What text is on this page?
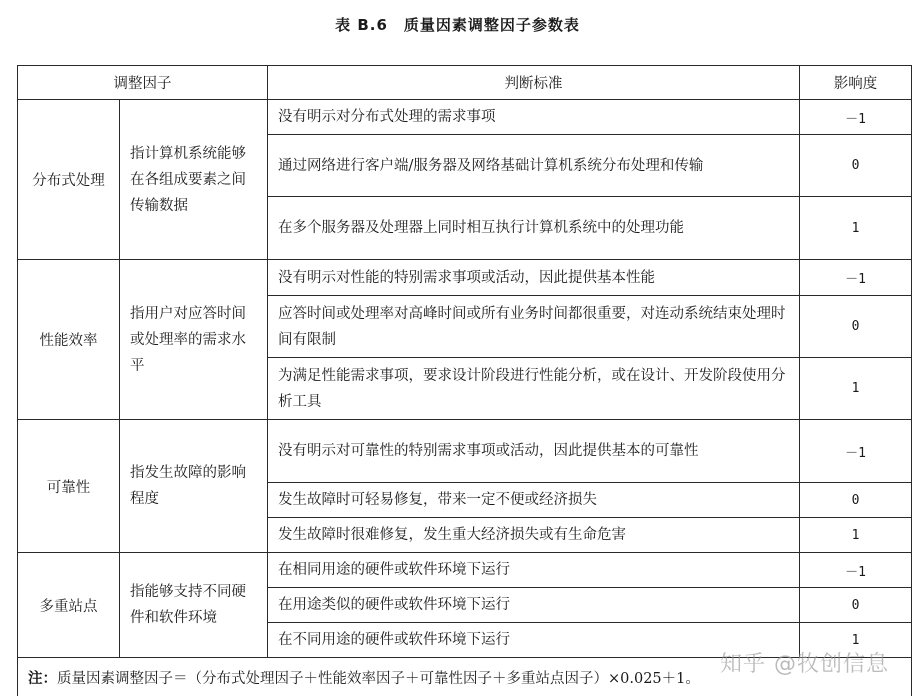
表 B.6　质量因素调整因子参数表
调整因子		判断标准	影响度
分布式处理	指计算机系统能够在各组成要素之间传输数据	没有明示对分布式处理的需求事项	－1
		通过网络进行客户端/服务器及网络基础计算机系统分布处理和传输	0
		在多个服务器及处理器上同时相互执行计算机系统中的处理功能	1
性能效率	指用户对应答时间或处理率的需求水平	没有明示对性能的特别需求事项或活动，因此提供基本性能	－1
		应答时间或处理率对高峰时间或所有业务时间都很重要，对连动系统结束处理时间有限制	0
		为满足性能需求事项，要求设计阶段进行性能分析，或在设计、开发阶段使用分析工具	1
可靠性	指发生故障的影响程度	没有明示对可靠性的特别需求事项或活动，因此提供基本的可靠性	－1
		发生故障时可轻易修复，带来一定不便或经济损失	0
		发生故障时很难修复，发生重大经济损失或有生命危害	1
多重站点	指能够支持不同硬件和软件环境	在相同用途的硬件或软件环境下运行	－1
		在用途类似的硬件或软件环境下运行	0
		在不同用途的硬件或软件环境下运行	1
注：质量因素调整因子＝（分布式处理因子＋性能效率因子＋可靠性因子＋多重站点因子）×0.025＋1。			
知乎 @牧创信息
